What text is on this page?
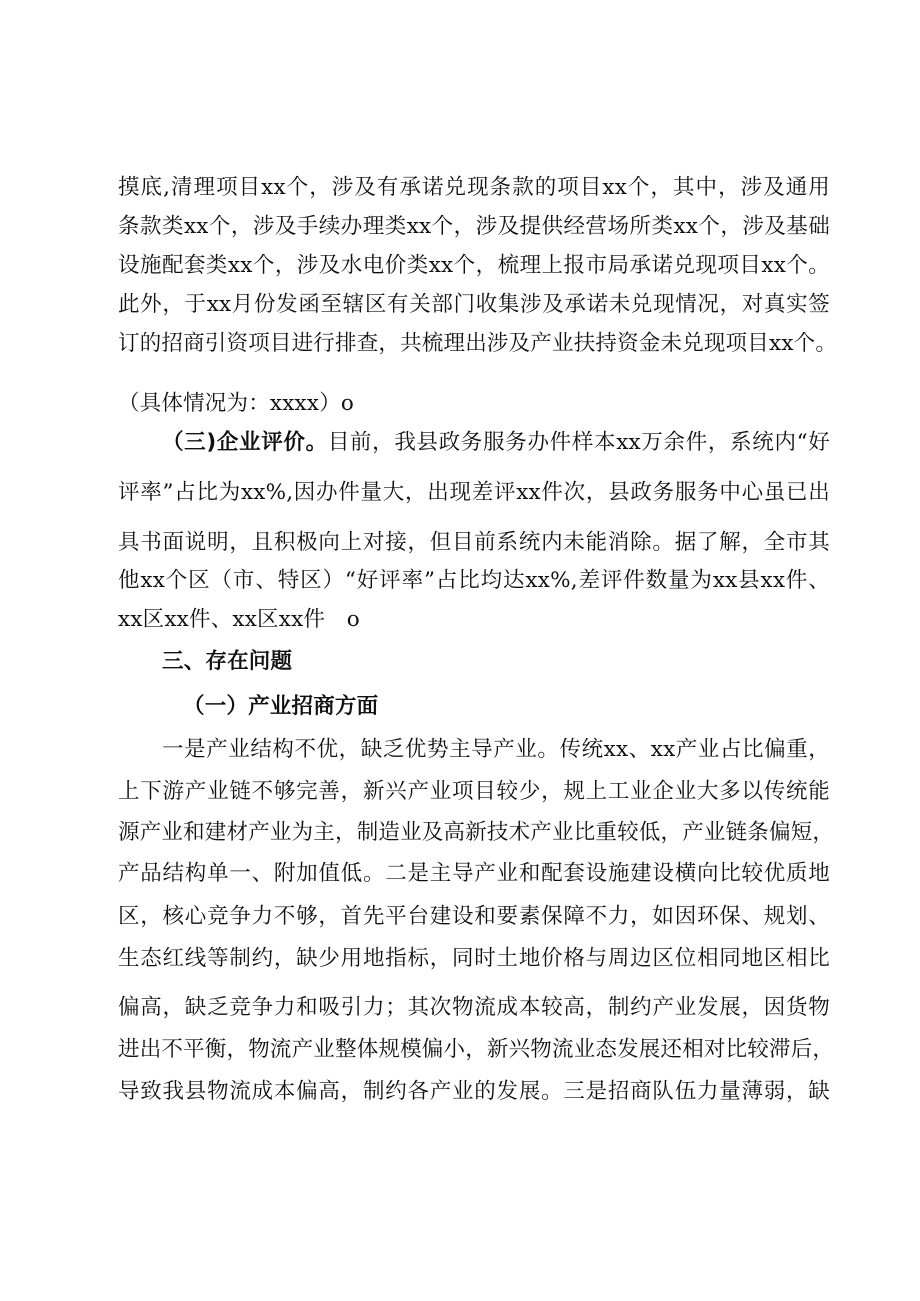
摸底,清理项目xx个，涉及有承诺兑现条款的项目xx个，其中，涉及通用
条款类xx个，涉及手续办理类xx个，涉及提供经营场所类xx个，涉及基础
设施配套类xx个，涉及水电价类xx个，梳理上报市局承诺兑现项目xx个。
此外，于xx月份发函至辖区有关部门收集涉及承诺未兑现情况，对真实签
订的招商引资项目进行排查，共梳理出涉及产业扶持资金未兑现项目xx个。
（具体情况为：xxxx）o
（三)企业评价。目前，我县政务服务办件样本xx万余件，系统内“好
评率”占比为xx%,因办件量大，出现差评xx件次，县政务服务中心虽已出
具书面说明，且积极向上对接，但目前系统内未能消除。据了解，全市其
他xx个区（市、特区）“好评率”占比均达xx%,差评件数量为xx县xx件、
xx区xx件、xx区xx件　o
三、存在问题
（一）产业招商方面
一是产业结构不优，缺乏优势主导产业。传统xx、xx产业占比偏重，
上下游产业链不够完善，新兴产业项目较少，规上工业企业大多以传统能
源产业和建材产业为主，制造业及高新技术产业比重较低，产业链条偏短，
产品结构单一、附加值低。二是主导产业和配套设施建设横向比较优质地
区，核心竞争力不够，首先平台建设和要素保障不力，如因环保、规划、
生态红线等制约，缺少用地指标，同时土地价格与周边区位相同地区相比
偏高，缺乏竞争力和吸引力；其次物流成本较高，制约产业发展，因货物
进出不平衡，物流产业整体规模偏小，新兴物流业态发展还相对比较滞后，
导致我县物流成本偏高，制约各产业的发展。三是招商队伍力量薄弱，缺
